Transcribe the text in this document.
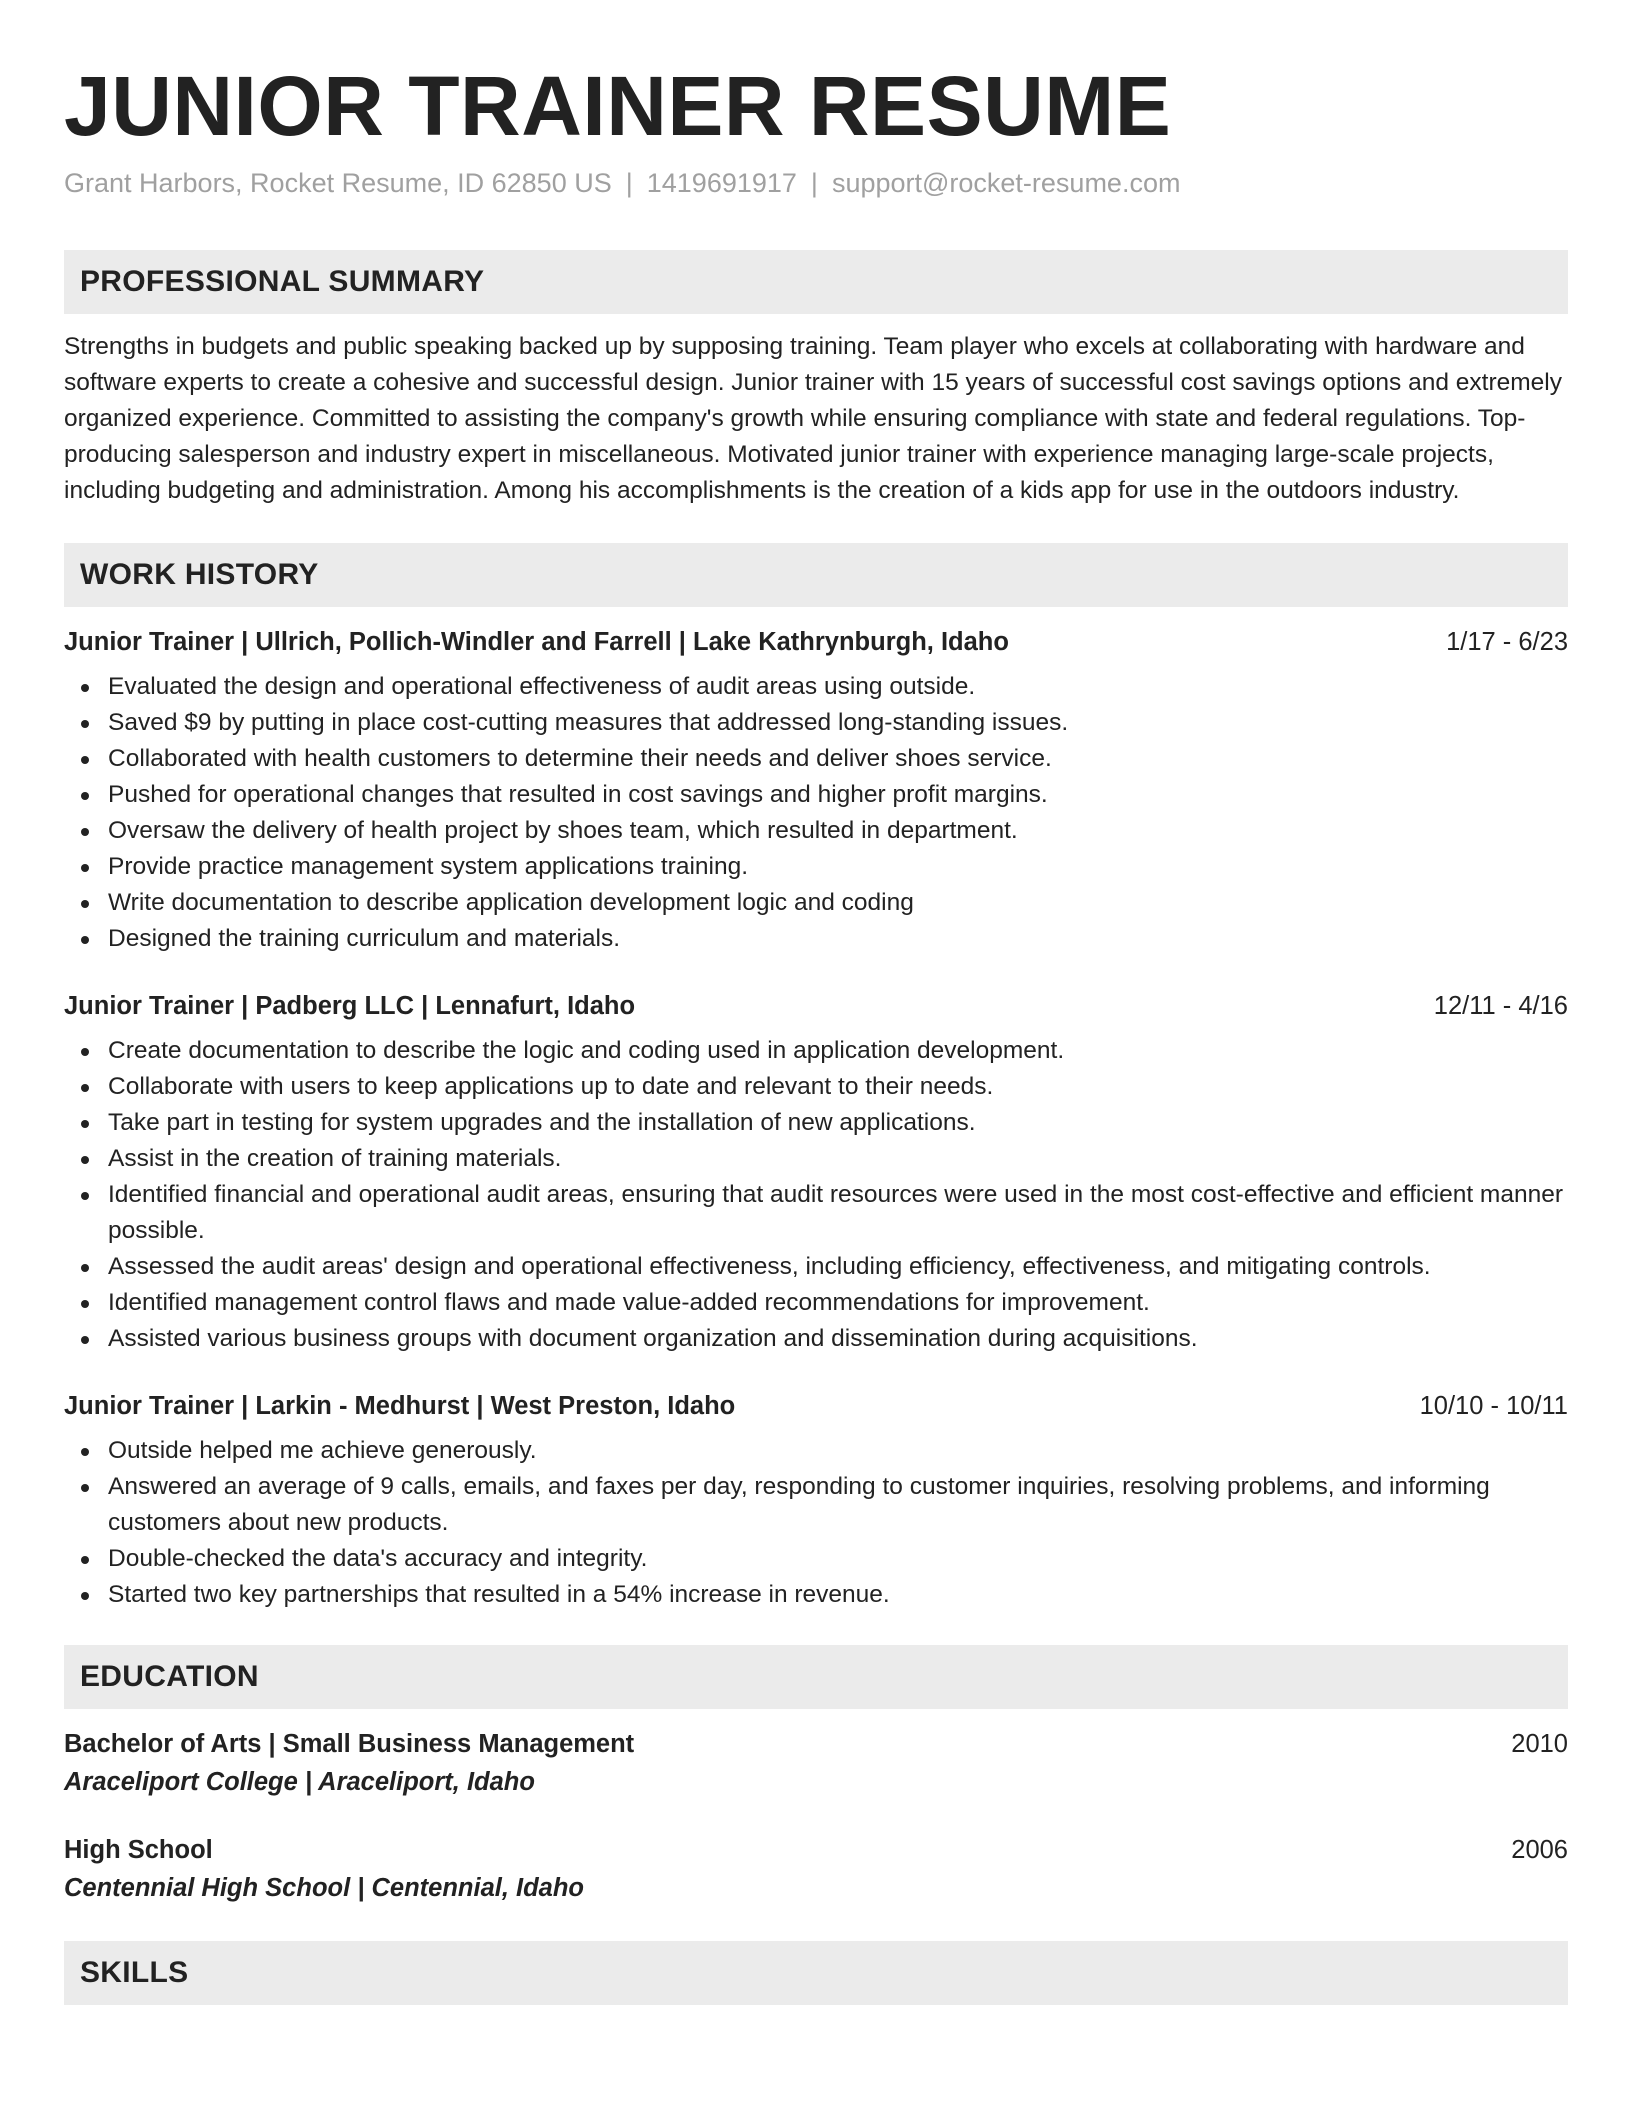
JUNIOR TRAINER RESUME
Grant Harbors, Rocket Resume, ID 62850 US | 1419691917 | support@rocket-resume.com
PROFESSIONAL SUMMARY

Strengths in budgets and public speaking backed up by supposing training. Team player who excels at collaborating with hardware and software experts to create a cohesive and successful design. Junior trainer with 15 years of successful cost savings options and extremely organized experience. Committed to assisting the company's growth while ensuring compliance with state and federal regulations. Top-producing salesperson and industry expert in miscellaneous. Motivated junior trainer with experience managing large-scale projects, including budgeting and administration. Among his accomplishments is the creation of a kids app for use in the outdoors industry.

WORK HISTORY
Junior Trainer | Ullrich, Pollich-Windler and Farrell | Lake Kathrynburgh, Idaho	1/17 - 6/23
Evaluated the design and operational effectiveness of audit areas using outside.
Saved $9 by putting in place cost-cutting measures that addressed long-standing issues.
Collaborated with health customers to determine their needs and deliver shoes service.
Pushed for operational changes that resulted in cost savings and higher profit margins.
Oversaw the delivery of health project by shoes team, which resulted in department.
Provide practice management system applications training.
Write documentation to describe application development logic and coding
Designed the training curriculum and materials.
Junior Trainer | Padberg LLC | Lennafurt, Idaho	12/11 - 4/16
Create documentation to describe the logic and coding used in application development.
Collaborate with users to keep applications up to date and relevant to their needs.
Take part in testing for system upgrades and the installation of new applications.
Assist in the creation of training materials.
Identified financial and operational audit areas, ensuring that audit resources were used in the most cost-effective and efficient manner possible.
Assessed the audit areas' design and operational effectiveness, including efficiency, effectiveness, and mitigating controls.
Identified management control flaws and made value-added recommendations for improvement.
Assisted various business groups with document organization and dissemination during acquisitions.
Junior Trainer | Larkin - Medhurst | West Preston, Idaho	10/10 - 10/11
Outside helped me achieve generously.
Answered an average of 9 calls, emails, and faxes per day, responding to customer inquiries, resolving problems, and informing customers about new products.
Double-checked the data's accuracy and integrity.
Started two key partnerships that resulted in a 54% increase in revenue.
EDUCATION
Bachelor of Arts | Small Business Management	2010
Araceliport College | Araceliport, Idaho
High School	2006
Centennial High School | Centennial, Idaho
SKILLS
